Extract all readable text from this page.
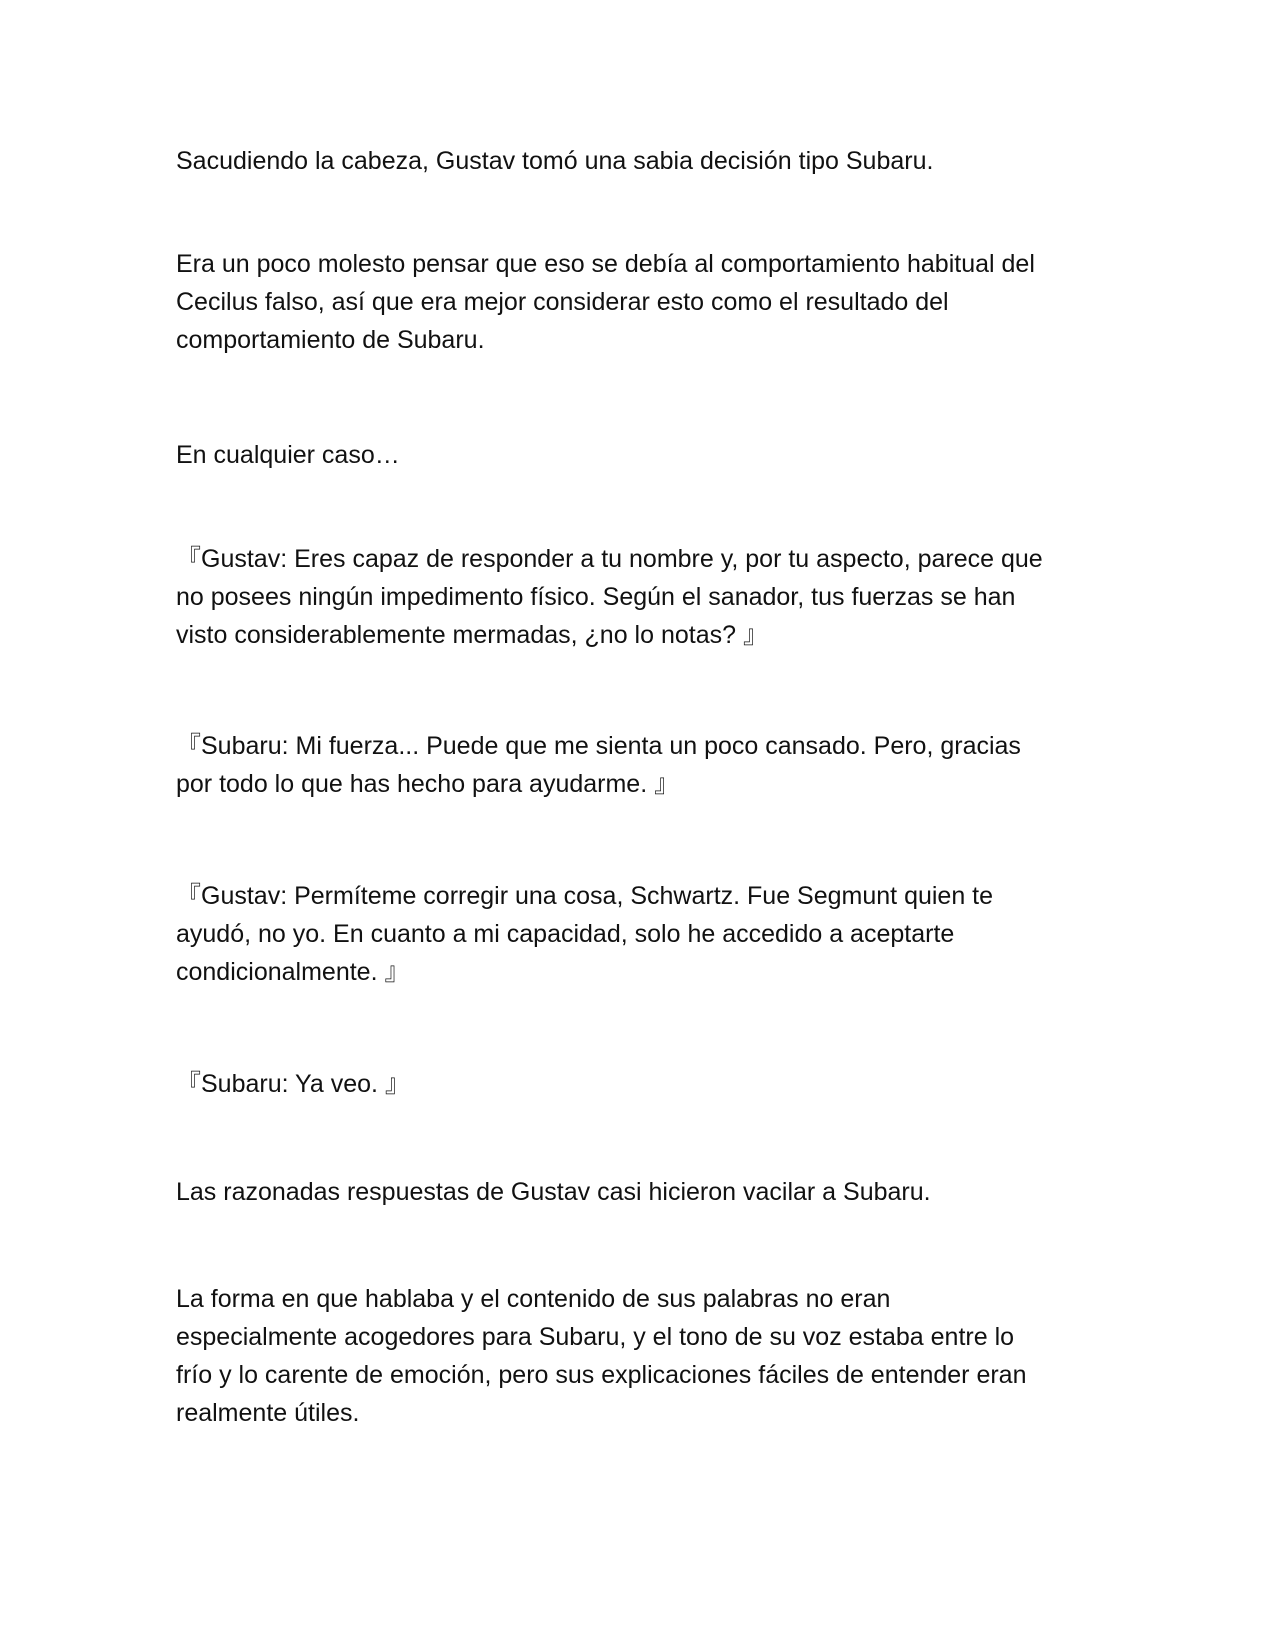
Sacudiendo la cabeza, Gustav tomó una sabia decisión tipo Subaru.

Era un poco molesto pensar que eso se debía al comportamiento habitual del
Cecilus falso, así que era mejor considerar esto como el resultado del
comportamiento de Subaru.

En cualquier caso…

『Gustav: Eres capaz de responder a tu nombre y, por tu aspecto, parece que
no posees ningún impedimento físico. Según el sanador, tus fuerzas se han
visto considerablemente mermadas, ¿no lo notas? 』

『Subaru: Mi fuerza... Puede que me sienta un poco cansado. Pero, gracias
por todo lo que has hecho para ayudarme. 』

『Gustav: Permíteme corregir una cosa, Schwartz. Fue Segmunt quien te
ayudó, no yo. En cuanto a mi capacidad, solo he accedido a aceptarte
condicionalmente. 』

『Subaru: Ya veo. 』

Las razonadas respuestas de Gustav casi hicieron vacilar a Subaru.

La forma en que hablaba y el contenido de sus palabras no eran
especialmente acogedores para Subaru, y el tono de su voz estaba entre lo
frío y lo carente de emoción, pero sus explicaciones fáciles de entender eran
realmente útiles.
